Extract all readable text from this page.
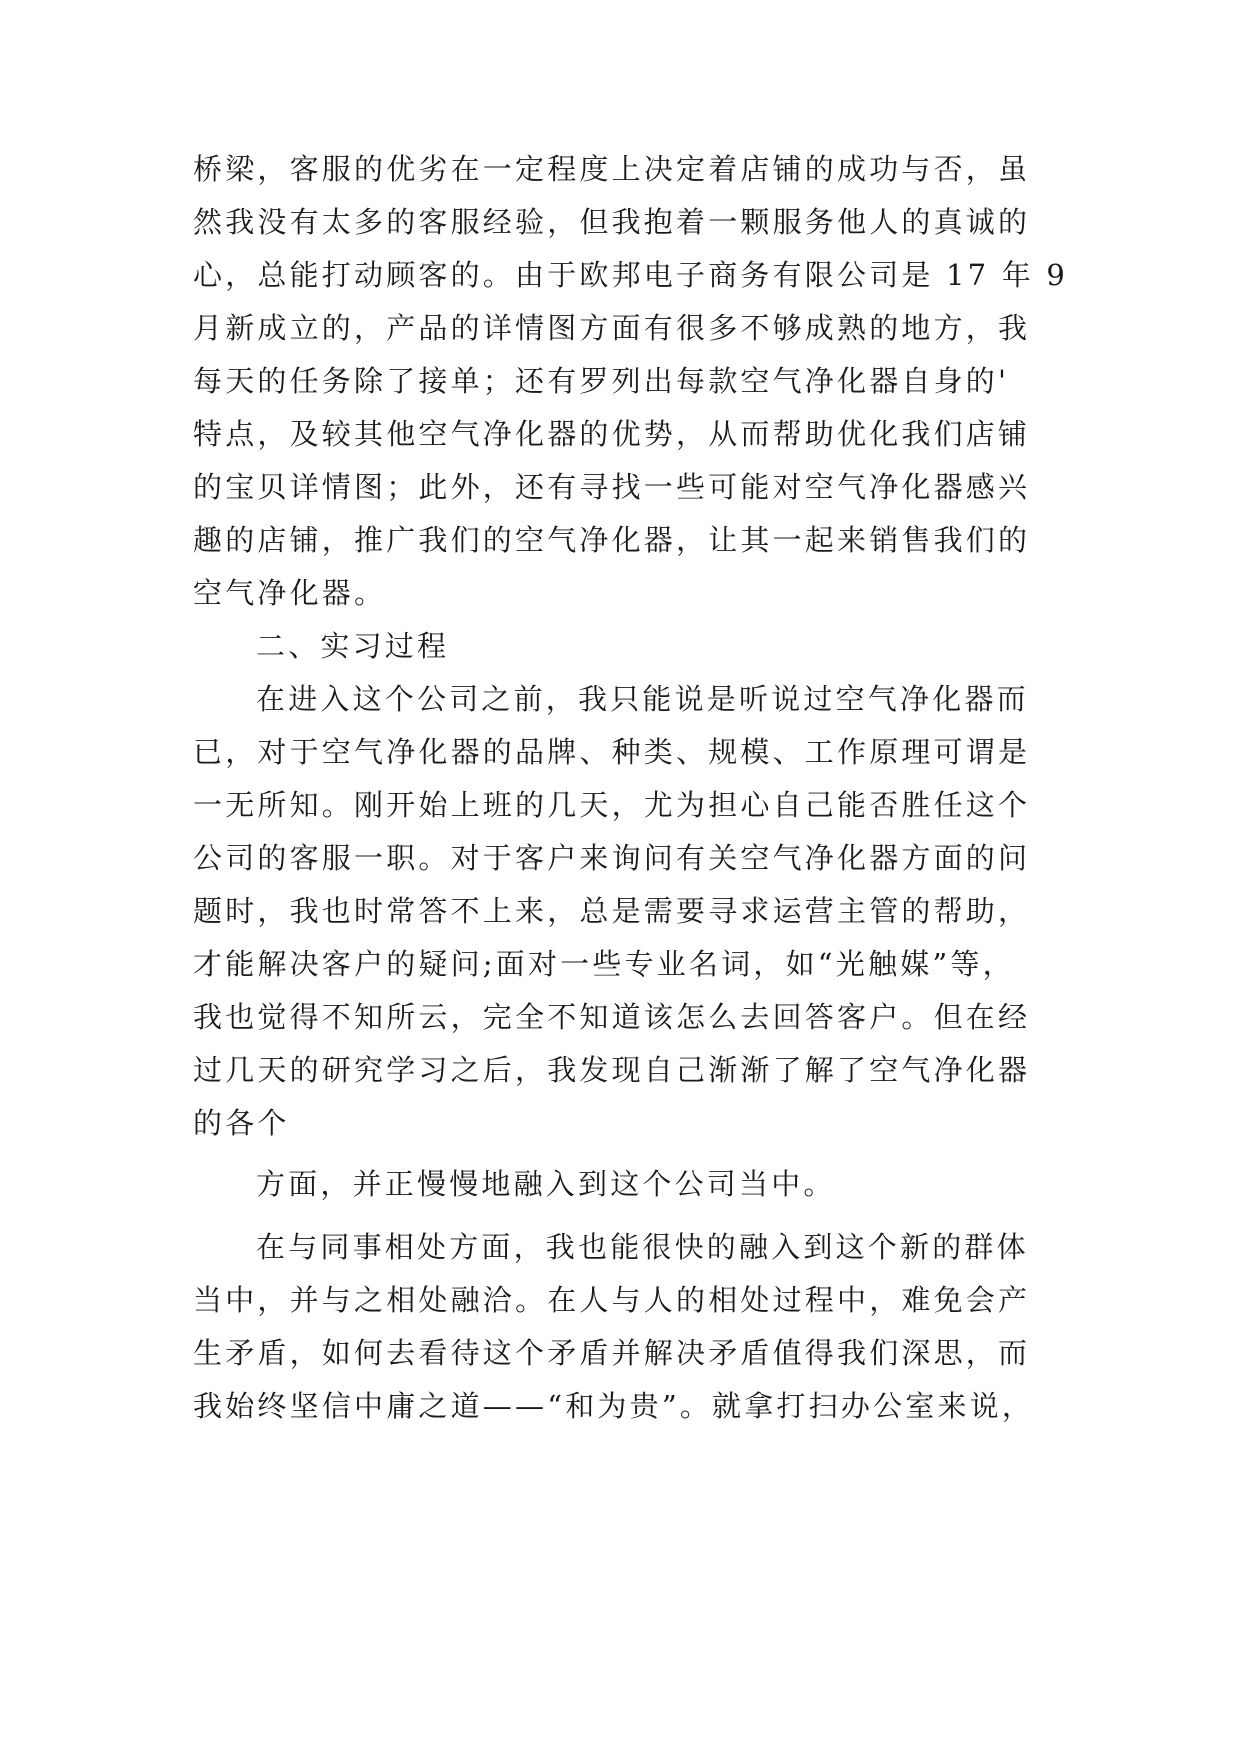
桥梁，客服的优劣在一定程度上决定着店铺的成功与否，虽
然我没有太多的客服经验，但我抱着一颗服务他人的真诚的
心，总能打动顾客的。由于欧邦电子商务有限公司是 17 年 9
月新成立的，产品的详情图方面有很多不够成熟的地方，我
每天的任务除了接单；还有罗列出每款空气净化器自身的'
特点，及较其他空气净化器的优势，从而帮助优化我们店铺
的宝贝详情图；此外，还有寻找一些可能对空气净化器感兴
趣的店铺，推广我们的空气净化器，让其一起来销售我们的
空气净化器。
二、实习过程
在进入这个公司之前，我只能说是听说过空气净化器而
已，对于空气净化器的品牌、种类、规模、工作原理可谓是
一无所知。刚开始上班的几天，尤为担心自己能否胜任这个
公司的客服一职。对于客户来询问有关空气净化器方面的问
题时，我也时常答不上来，总是需要寻求运营主管的帮助，
才能解决客户的疑问;面对一些专业名词，如“光触媒”等，
我也觉得不知所云，完全不知道该怎么去回答客户。但在经
过几天的研究学习之后，我发现自己渐渐了解了空气净化器
的各个
方面，并正慢慢地融入到这个公司当中。
在与同事相处方面，我也能很快的融入到这个新的群体
当中，并与之相处融洽。在人与人的相处过程中，难免会产
生矛盾，如何去看待这个矛盾并解决矛盾值得我们深思，而
我始终坚信中庸之道——“和为贵”。就拿打扫办公室来说，
